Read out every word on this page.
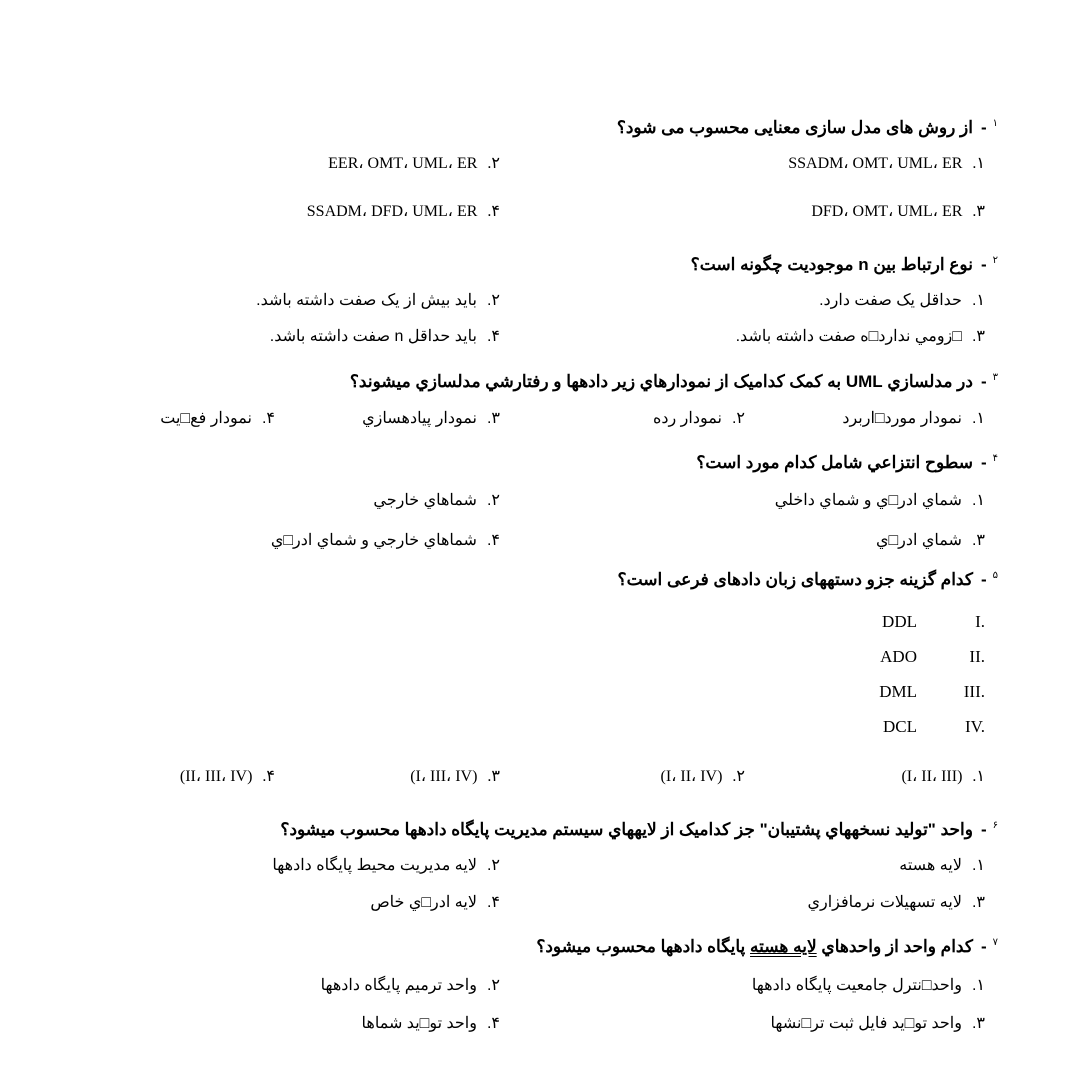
$^۱$-از روش های مدل سازی معنایی محسوب می شود؟
۱.SSADM، OMT، UML، ER
۲.EER، OMT، UML، ER
۳.DFD، OMT، UML، ER
۴.SSADM، DFD، UML، ER
$^۲$-نوع ارتباط بین n موجودیت چگونه است؟
۱.حداقل یک صفت دارد.
۲.باید بیش از یک صفت داشته باشد.
۳.□زومي ندارد□ه صفت داشته باشد.
۴.باید حداقل n صفت داشته باشد.
$^۳$-در مدلسازي UML به کمک کدامیک از نمودارهاي زیر دادهها و رفتارشي مدلسازي ميشوند؟
۱.نمودار مورد□اربرد
۲.نمودار رده
۳.نمودار پیادهسازي
۴.نمودار فع□یت
$^۴$-سطوح انتزاعي شامل کدام مورد است؟
۱.شماي ادر□ي و شماي داخلي
۲.شماهاي خارجي
۳.شماي ادر□ي
۴.شماهاي خارجي و شماي ادر□ي
$^۵$-کدام گزینه جزو دستههای زبان دادهای فرعی است؟
I.DDL
II.ADO
III.DML
IV.DCL
۱.(I، II، III)
۲.(I، II، IV)
۳.(I، III، IV)
۴.(II، III، IV)
$^۶$-واحد "تولید نسخههاي پشتیبان" جز کدامیک از لایههاي سیستم مدیریت پایگاه دادهها محسوب ميشود؟
۱.لایه هسته
۲.لایه مدیریت محیط پایگاه دادهها
۳.لایه تسهیلات نرمافزاري
۴.لایه ادر□ي خاص
$^۷$-کدام واحد از واحدهاي لایه هسته پایگاه دادهها محسوب ميشود؟
۱.واحد□نترل جامعیت پایگاه دادهها
۲.واحد ترمیم پایگاه دادهها
۳.واحد تو□ید فایل ثبت تر□نشها
۴.واحد تو□ید شماها
